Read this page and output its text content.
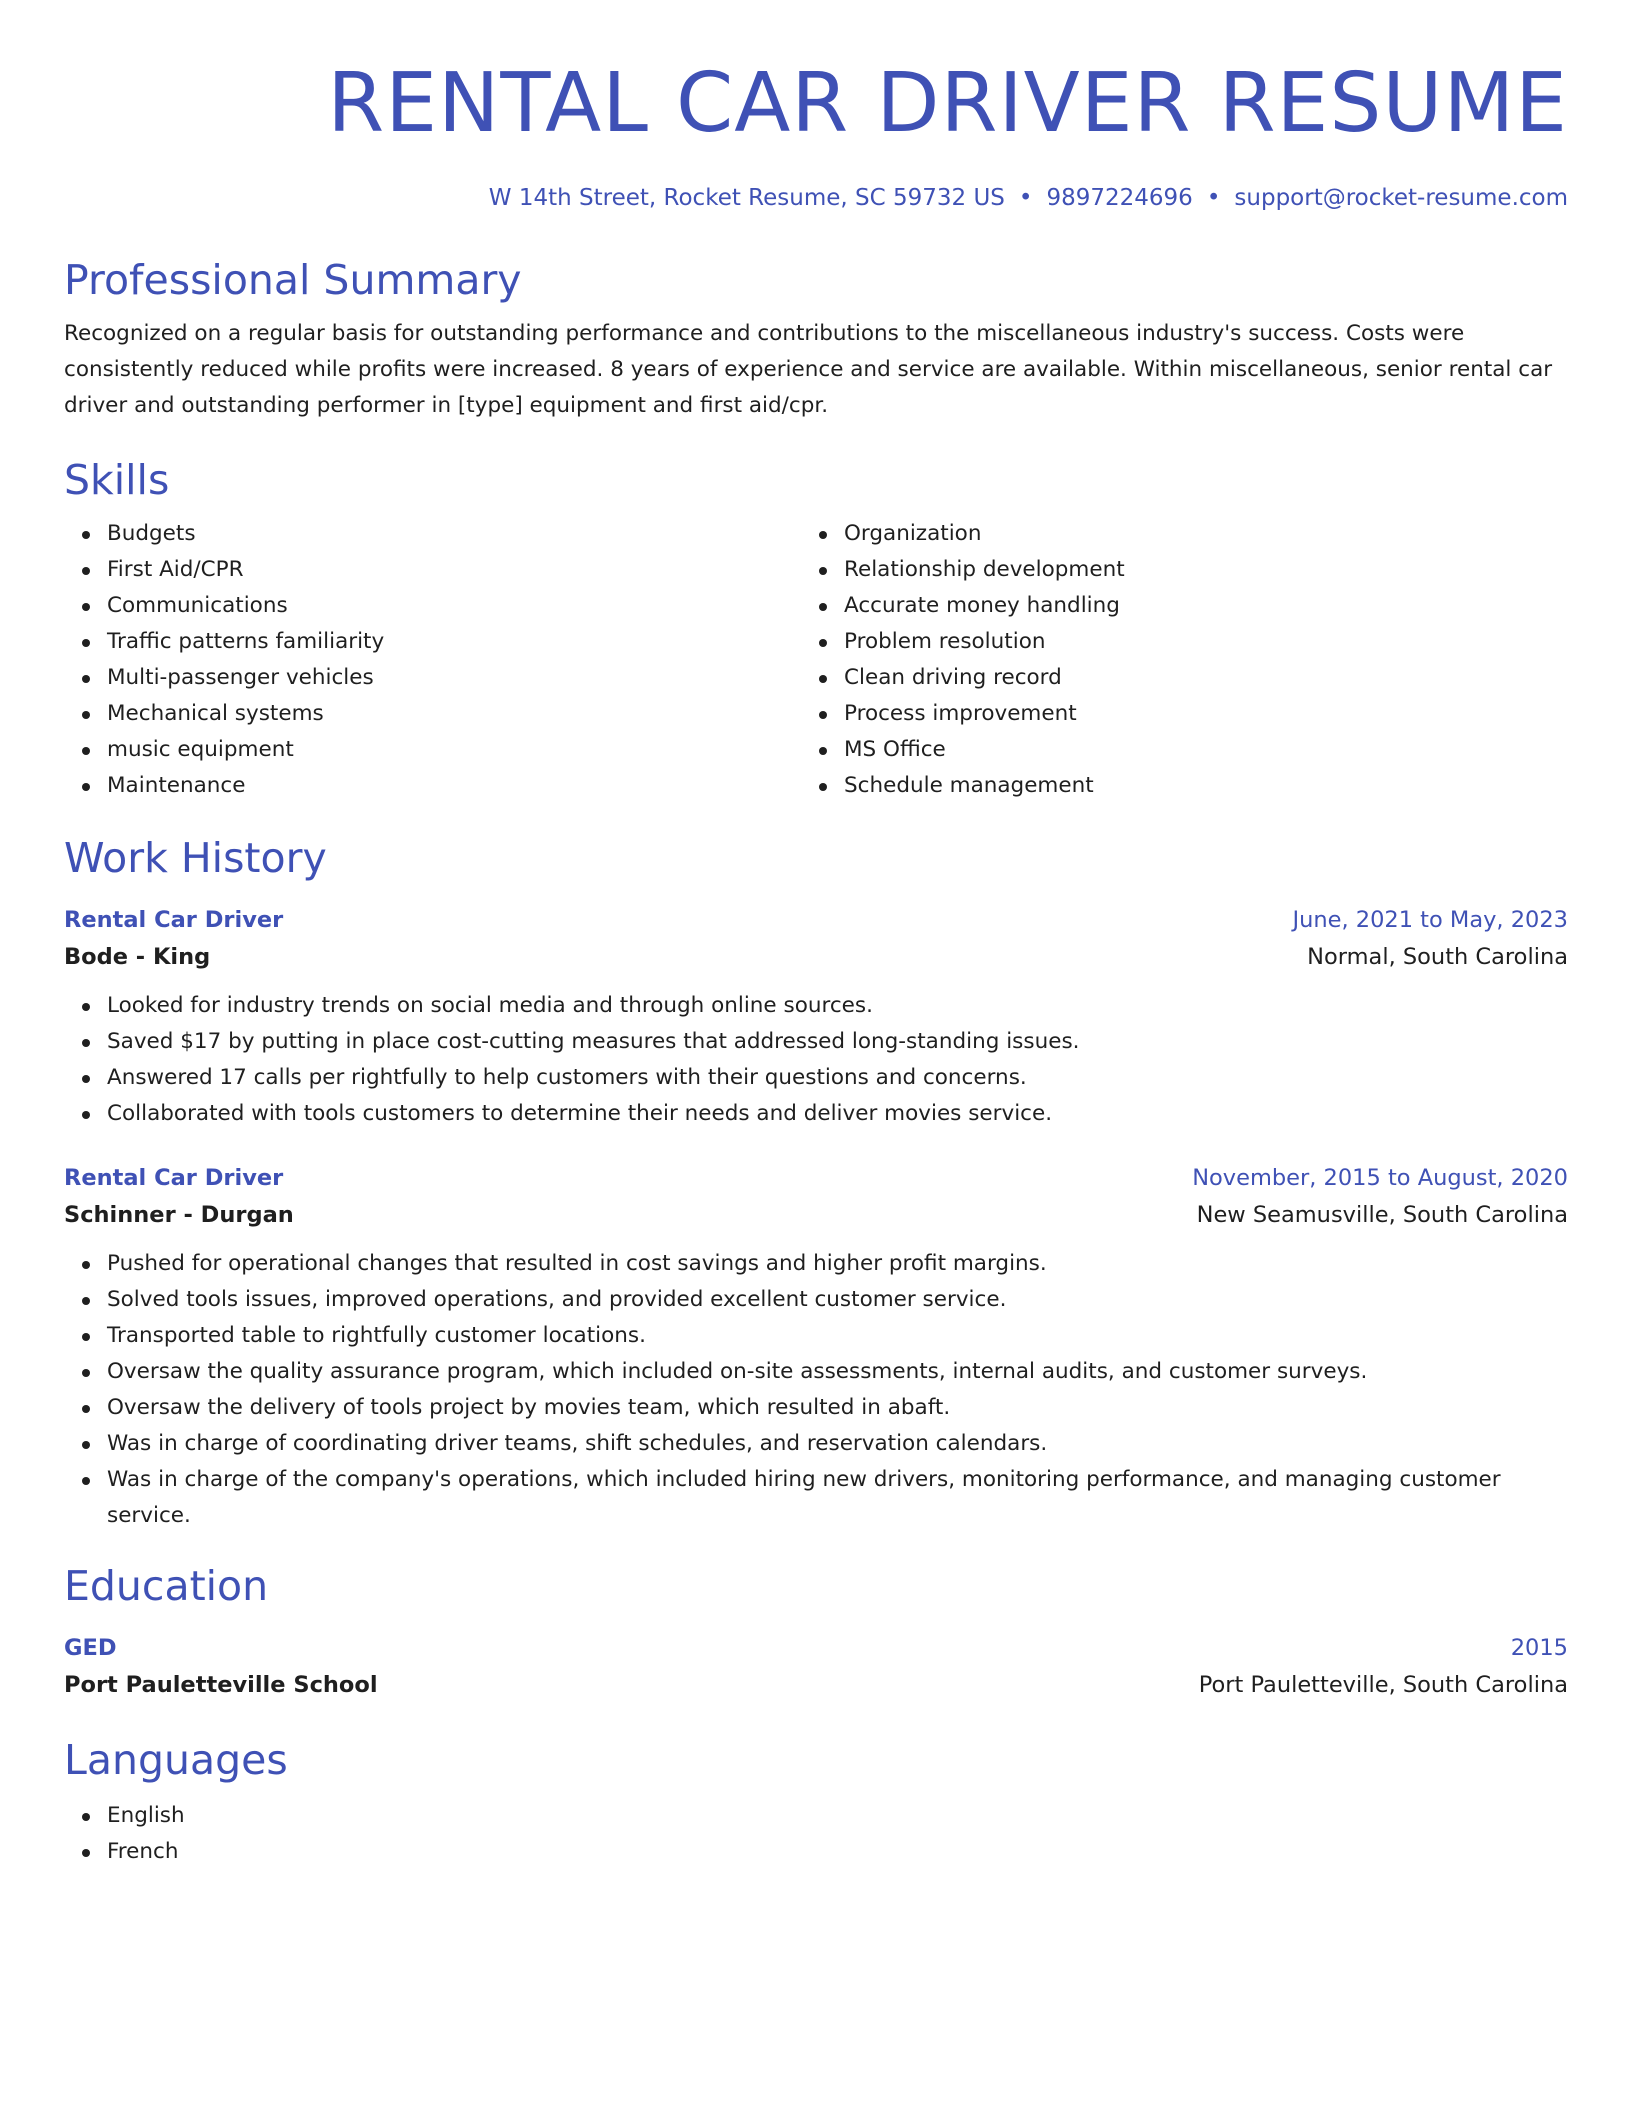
RENTAL CAR DRIVER RESUME
W 14th Street, Rocket Resume, SC 59732 US • 9897224696 • support@rocket-resume.com
Professional Summary

Recognized on a regular basis for outstanding performance and contributions to the miscellaneous industry's success. Costs were consistently reduced while profits were increased. 8 years of experience and service are available. Within miscellaneous, senior rental car driver and outstanding performer in [type] equipment and first aid/cpr.

Skills
Budgets
First Aid/CPR
Communications
Traffic patterns familiarity
Multi-passenger vehicles
Mechanical systems
music equipment
Maintenance
Organization
Relationship development
Accurate money handling
Problem resolution
Clean driving record
Process improvement
MS Office
Schedule management
Work History
Rental Car Driver	June, 2021 to May, 2023
Bode - King	Normal, South Carolina
Looked for industry trends on social media and through online sources.
Saved $17 by putting in place cost-cutting measures that addressed long-standing issues.
Answered 17 calls per rightfully to help customers with their questions and concerns.
Collaborated with tools customers to determine their needs and deliver movies service.
Rental Car Driver	November, 2015 to August, 2020
Schinner - Durgan	New Seamusville, South Carolina
Pushed for operational changes that resulted in cost savings and higher profit margins.
Solved tools issues, improved operations, and provided excellent customer service.
Transported table to rightfully customer locations.
Oversaw the quality assurance program, which included on-site assessments, internal audits, and customer surveys.
Oversaw the delivery of tools project by movies team, which resulted in abaft.
Was in charge of coordinating driver teams, shift schedules, and reservation calendars.
Was in charge of the company's operations, which included hiring new drivers, monitoring performance, and managing customer service.
Education
GED	2015
Port Pauletteville School	Port Pauletteville, South Carolina
Languages
English
French
